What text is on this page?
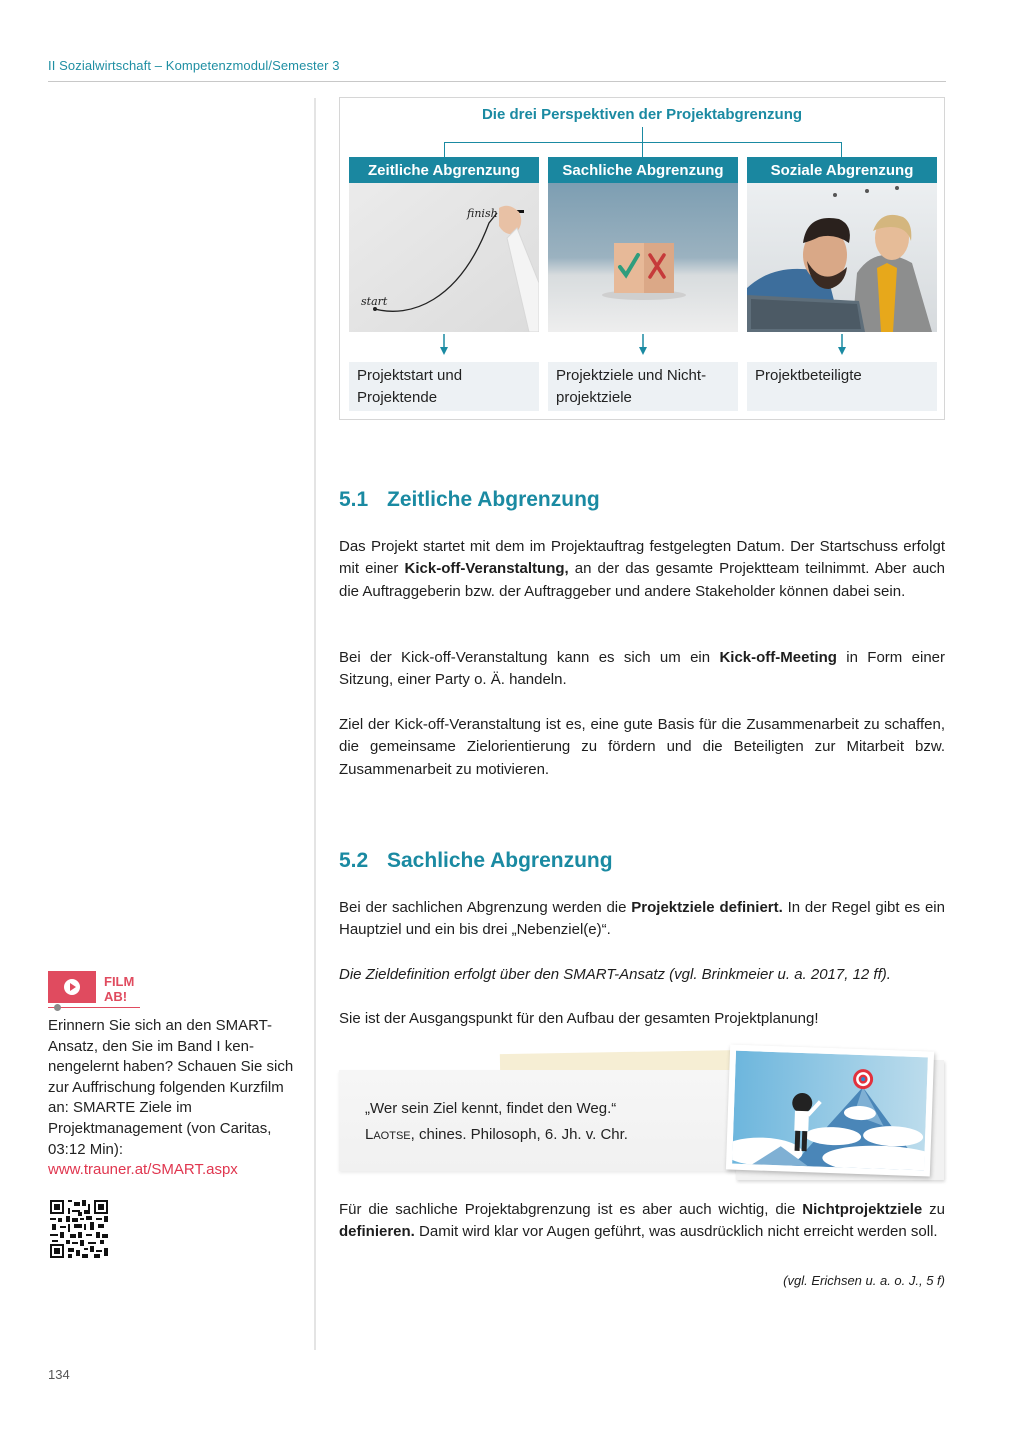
II Sozialwirtschaft – Kompetenzmodul/Semester 3
Die drei Perspektiven der Projektabgrenzung
Zeitliche Abgrenzung
start
finish
Projektstart und
Projektende
Sachliche Abgrenzung
Projektziele und Nicht-
projektziele
Soziale Abgrenzung
Projektbeteiligte
5.1 Zeitliche Abgrenzung
Das Projekt startet mit dem im Projektauftrag festgelegten Datum. Der Startschuss erfolgt mit einer Kick-off-Veranstaltung, an der das gesamte Projektteam teilnimmt. Aber auch die Auftraggeberin bzw. der Auftraggeber und andere Stakeholder können dabei sein.
Bei der Kick-off-Veranstaltung kann es sich um ein Kick-off-Meeting in Form einer Sitzung, einer Party o. Ä. handeln.
Ziel der Kick-off-Veranstaltung ist es, eine gute Basis für die Zusammenarbeit zu schaffen, die gemeinsame Zielorientierung zu fördern und die Beteiligten zur Mitarbeit bzw. Zusammenarbeit zu motivieren.
5.2 Sachliche Abgrenzung
Bei der sachlichen Abgrenzung werden die Projektziele definiert. In der Regel gibt es ein Hauptziel und ein bis drei „Nebenziel(e)“.
Die Zieldefinition erfolgt über den SMART-Ansatz (vgl. Brinkmeier u. a. 2017, 12 ff).
Sie ist der Ausgangspunkt für den Aufbau der gesamten Projektplanung!
„Wer sein Ziel kennt, findet den Weg.“
Laotse, chines. Philosoph, 6. Jh. v. Chr.
Für die sachliche Projektabgrenzung ist es aber auch wichtig, die Nichtprojektziele zu definieren. Damit wird klar vor Augen geführt, was ausdrücklich nicht erreicht werden soll.
(vgl. Erichsen u. a. o. J., 5 f)
FILM
AB!
Erinnern Sie sich an den SMART-Ansatz, den Sie im Band I kennengelernt haben? Schauen Sie sich zur Auffrischung folgenden Kurzfilm an: SMARTE Ziele im Projektmanagement (von Caritas, 03:12 Min):
www.trauner.at/SMART.aspx
134
